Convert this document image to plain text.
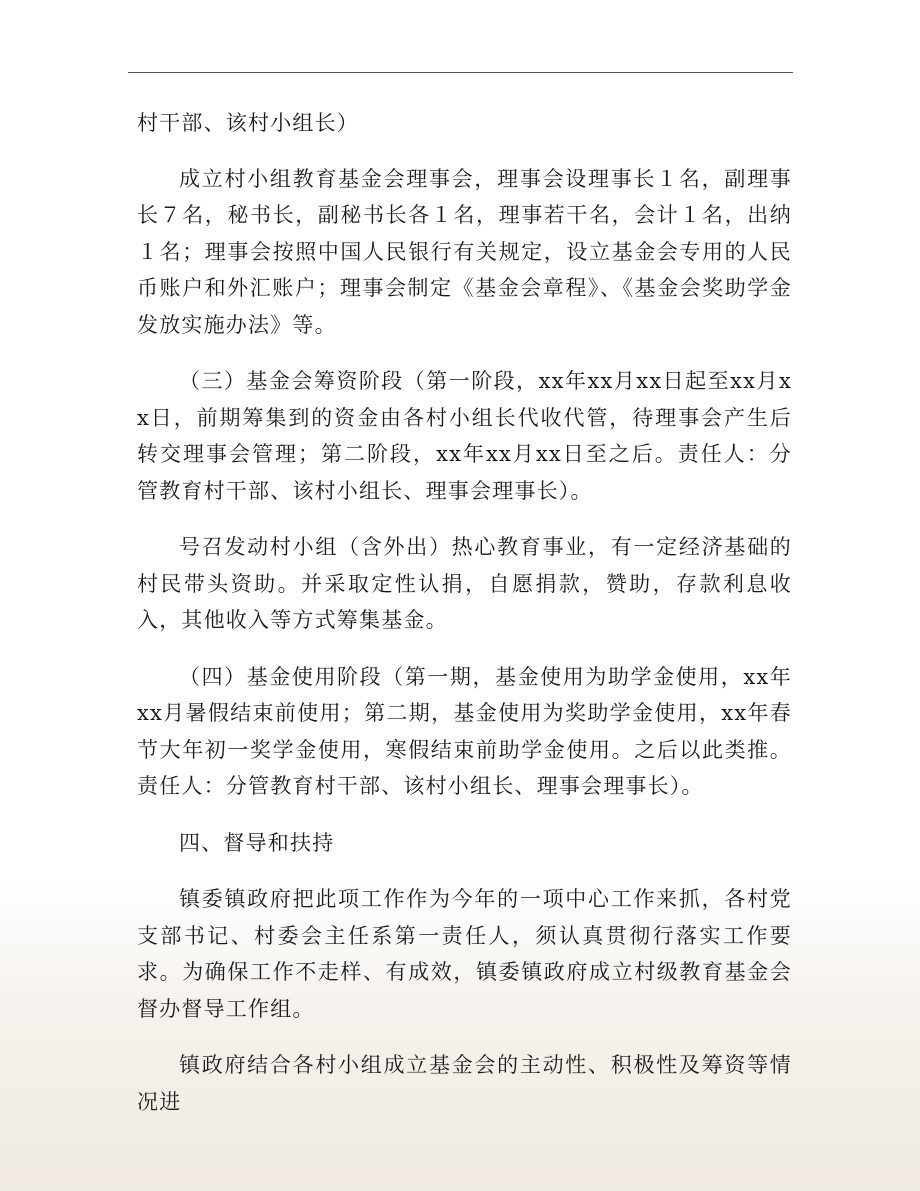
村干部、该村小组长）

成立村小组教育基金会理事会，理事会设理事长１名，副理事长７名，秘书长，副秘书长各１名，理事若干名，会计１名，出纳１名；理事会按照中国人民银行有关规定，设立基金会专用的人民币账户和外汇账户；理事会制定《基金会章程》、《基金会奖助学金发放实施办法》等。

（三）基金会筹资阶段（第一阶段，xx年xx月xx日起至xx月xx日，前期筹集到的资金由各村小组长代收代管，待理事会产生后转交理事会管理；第二阶段，xx年xx月xx日至之后。责任人：分管教育村干部、该村小组长、理事会理事长）。

号召发动村小组（含外出）热心教育事业，有一定经济基础的村民带头资助。并采取定性认捐，自愿捐款，赞助，存款利息收入，其他收入等方式筹集基金。

（四）基金使用阶段（第一期，基金使用为助学金使用，xx年xx月暑假结束前使用；第二期，基金使用为奖助学金使用，xx年春节大年初一奖学金使用，寒假结束前助学金使用。之后以此类推。责任人：分管教育村干部、该村小组长、理事会理事长）。

四、督导和扶持

镇委镇政府把此项工作作为今年的一项中心工作来抓，各村党支部书记、村委会主任系第一责任人，须认真贯彻行落实工作要求。为确保工作不走样、有成效，镇委镇政府成立村级教育基金会督办督导工作组。

镇政府结合各村小组成立基金会的主动性、积极性及筹资等情况进
